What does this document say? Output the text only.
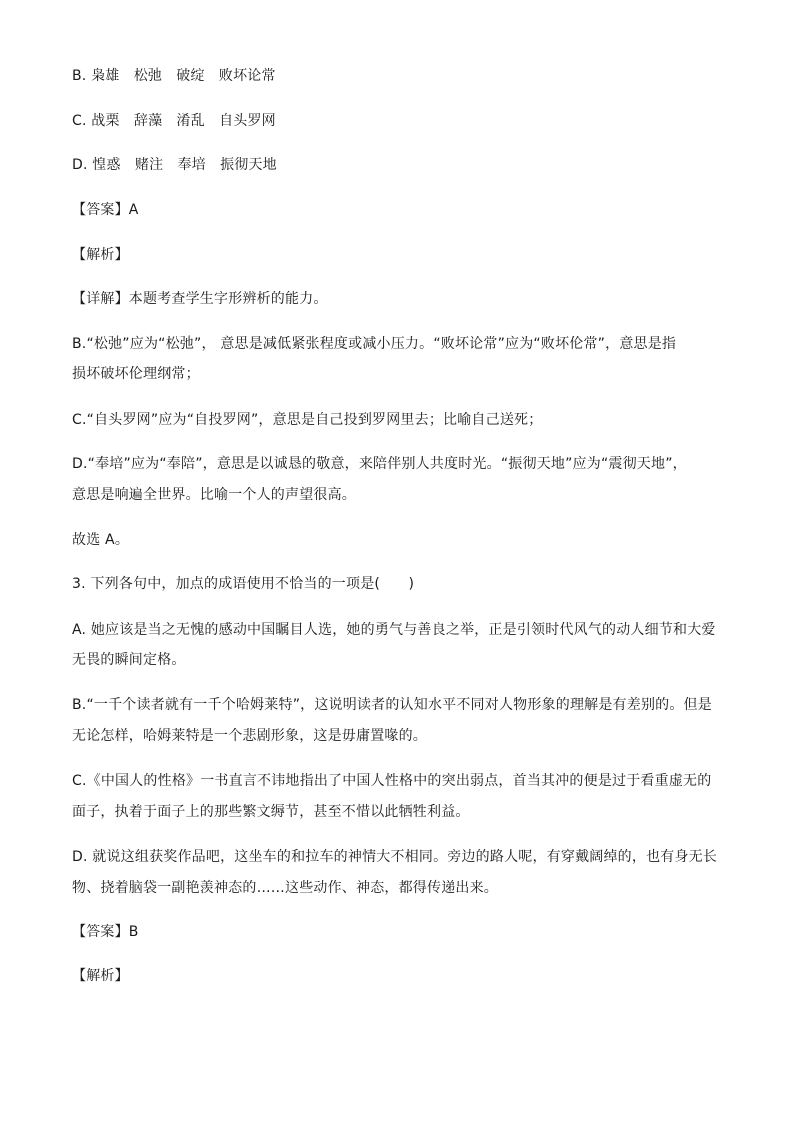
B. 枭雄　松弛　破绽　败坏论常
C. 战栗　辞藻　淆乱　自头罗网
D. 惶惑　赌注　奉培　振彻天地
【答案】A
【解析】
【详解】本题考查学生字形辨析的能力。
B.“松弛”应为“松弛”， 意思是减低紧张程度或减小压力。“败坏论常”应为“败坏伦常”，意思是指
损坏破坏伦理纲常；
C.“自头罗网”应为“自投罗网”，意思是自己投到罗网里去；比喻自己送死；
D.“奉培”应为“奉陪”，意思是以诚恳的敬意，来陪伴别人共度时光。“振彻天地”应为“震彻天地”，
意思是响遍全世界。比喻一个人的声望很高。
故选 A。
3. 下列各句中，加点的成语使用不恰当的一项是(　　)
A. 她应该是当之无愧的感动中国瞩目人选，她的勇气与善良之举，正是引领时代风气的动人细节和大爱
无畏的瞬间定格。
B.“一千个读者就有一千个哈姆莱特”，这说明读者的认知水平不同对人物形象的理解是有差别的。但是
无论怎样，哈姆莱特是一个悲剧形象，这是毋庸置喙的。
C.《中国人的性格》一书直言不讳地指出了中国人性格中的突出弱点，首当其冲的便是过于看重虚无的
面子，执着于面子上的那些繁文缛节，甚至不惜以此牺牲利益。
D. 就说这组获奖作品吧，这坐车的和拉车的神情大不相同。旁边的路人呢，有穿戴阔绰的，也有身无长
物、挠着脑袋一副艳羡神态的……这些动作、神态，都得传递出来。
【答案】B
【解析】
